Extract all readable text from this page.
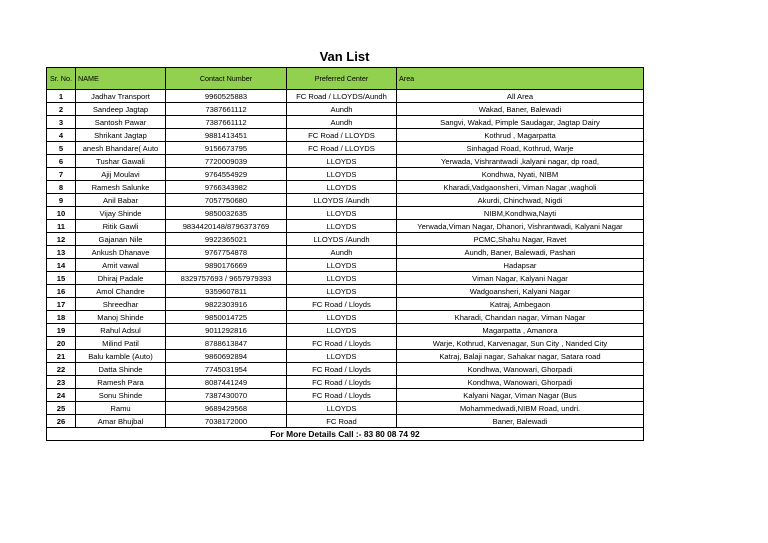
Van List
Sr. No.	NAME	Contact Number	Preferred Center	Area
1	Jadhav Transport	9960525883	FC Road / LLOYDS/Aundh	All Area
2	Sandeep Jagtap	7387661112	Aundh	Wakad, Baner, Balewadi
3	Santosh Pawar	7387661112	Aundh	Sangvi, Wakad, Pimple Saudagar, Jagtap Dairy
4	Shrikant Jagtap	9881413451	FC Road / LLOYDS	Kothrud , Magarpatta
5	anesh Bhandare( Auto	9156673795	FC Road / LLOYDS	Sinhagad Road, Kothrud, Warje
6	Tushar Gawali	7720009039	LLOYDS	Yerwada, Vishrantwadi ,kalyani nagar, dp road,
7	Ajij Moulavi	9764554929	LLOYDS	Kondhwa, Nyati, NIBM
8	Ramesh Salunke	9766343982	LLOYDS	Kharadi,Vadgaonsheri, Viman Nagar ,wagholi
9	Anil Babar	7057750680	LLOYDS /Aundh	Akurdi, Chinchwad, Nigdi
10	Vijay Shinde	9850032635	LLOYDS	NIBM,Kondhwa,Nayti
11	Ritik Gawli	9834420148/8796373769	LLOYDS	Yerwada,Viman Nagar, Dhanori, Vishrantwadi, Kalyani Nagar
12	Gajanan Nile	9922365021	LLOYDS /Aundh	PCMC,Shahu Nagar, Ravet
13	Ankush Dhanave	9767754878	Aundh	Aundh, Baner, Balewadi, Pashan
14	Amit vawal	9890176669	LLOYDS	Hadapsar
15	Dhiraj Padale	8329757693 / 9657979393	LLOYDS	Viman Nagar, Kalyani Nagar
16	Amol Chandre	9359607811	LLOYDS	Wadgoansheri, Kalyani Nagar
17	Shreedhar	9822303916	FC Road / Lloyds	Katraj, Ambegaon
18	Manoj Shinde	9850014725	LLOYDS	Kharadi, Chandan nagar, Viman Nagar
19	Rahul Adsul	9011292816	LLOYDS	Magarpatta , Amanora
20	Milind Patil	8788613847	FC Road / Lloyds	Warje, Kothrud, Karvenagar, Sun City , Nanded City
21	Balu kamble (Auto)	9860692894	LLOYDS	Katraj, Balaji nagar, Sahakar nagar, Satara road
22	Datta Shinde	7745031954	FC Road / Lloyds	Kondhwa, Wanowari, Ghorpadi
23	Ramesh Para	8087441249	FC Road / Lloyds	Kondhwa, Wanowari, Ghorpadi
24	Sonu Shinde	7387430070	FC Road / Lloyds	Kalyani Nagar, Viman Nagar (Bus
25	Ramu	9689429568	LLOYDS	Mohammedwadi,NIBM Road, undri.
26	Amar Bhujbal	7038172000	FC Road	Baner, Balewadi
For More Details Call :- 83 80 08 74 92				
